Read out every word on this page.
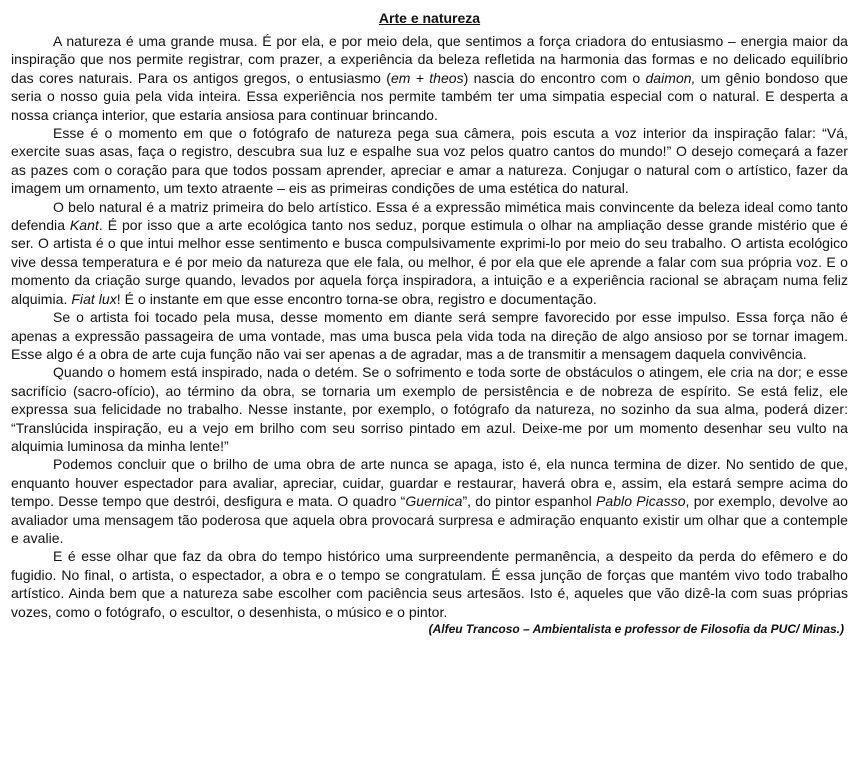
Arte e natureza

A natureza é uma grande musa. É por ela, e por meio dela, que sentimos a força criadora do entusiasmo – energia maior da inspiração que nos permite registrar, com prazer, a experiência da beleza refletida na harmonia das formas e no delicado equilíbrio das cores naturais. Para os antigos gregos, o entusiasmo (em + theos) nascia do encontro com o daimon, um gênio bondoso que seria o nosso guia pela vida inteira. Essa experiência nos permite também ter uma simpatia especial com o natural. E desperta a nossa criança interior, que estaria ansiosa para continuar brincando.

Esse é o momento em que o fotógrafo de natureza pega sua câmera, pois escuta a voz interior da inspiração falar: “Vá, exercite suas asas, faça o registro, descubra sua luz e espalhe sua voz pelos quatro cantos do mundo!” O desejo começará a fazer as pazes com o coração para que todos possam aprender, apreciar e amar a natureza. Conjugar o natural com o artístico, fazer da imagem um ornamento, um texto atraente – eis as primeiras condições de uma estética do natural.

O belo natural é a matriz primeira do belo artístico. Essa é a expressão mimética mais convincente da beleza ideal como tanto defendia Kant. É por isso que a arte ecológica tanto nos seduz, porque estimula o olhar na ampliação desse grande mistério que é ser. O artista é o que intui melhor esse sentimento e busca compulsivamente exprimi-lo por meio do seu trabalho. O artista ecológico vive dessa temperatura e é por meio da natureza que ele fala, ou melhor, é por ela que ele aprende a falar com sua própria voz. E o momento da criação surge quando, levados por aquela força inspiradora, a intuição e a experiência racional se abraçam numa feliz alquimia. Fiat lux! É o instante em que esse encontro torna-se obra, registro e documentação.

Se o artista foi tocado pela musa, desse momento em diante será sempre favorecido por esse impulso. Essa força não é apenas a expressão passageira de uma vontade, mas uma busca pela vida toda na direção de algo ansioso por se tornar imagem. Esse algo é a obra de arte cuja função não vai ser apenas a de agradar, mas a de transmitir a mensagem daquela convivência.

Quando o homem está inspirado, nada o detém. Se o sofrimento e toda sorte de obstáculos o atingem, ele cria na dor; e esse sacrifício (sacro-ofício), ao término da obra, se tornaria um exemplo de persistência e de nobreza de espírito. Se está feliz, ele expressa sua felicidade no trabalho. Nesse instante, por exemplo, o fotógrafo da natureza, no sozinho da sua alma, poderá dizer: “Translúcida inspiração, eu a vejo em brilho com seu sorriso pintado em azul. Deixe-me por um momento desenhar seu vulto na alquimia luminosa da minha lente!”

Podemos concluir que o brilho de uma obra de arte nunca se apaga, isto é, ela nunca termina de dizer. No sentido de que, enquanto houver espectador para avaliar, apreciar, cuidar, guardar e restaurar, haverá obra e, assim, ela estará sempre acima do tempo. Desse tempo que destrói, desfigura e mata. O quadro “Guernica”, do pintor espanhol Pablo Picasso, por exemplo, devolve ao avaliador uma mensagem tão poderosa que aquela obra provocará surpresa e admiração enquanto existir um olhar que a contemple e avalie.

E é esse olhar que faz da obra do tempo histórico uma surpreendente permanência, a despeito da perda do efêmero e do fugidio. No final, o artista, o espectador, a obra e o tempo se congratulam. É essa junção de forças que mantém vivo todo trabalho artístico. Ainda bem que a natureza sabe escolher com paciência seus artesãos. Isto é, aqueles que vão dizê-la com suas próprias vozes, como o fotógrafo, o escultor, o desenhista, o músico e o pintor.

(Alfeu Trancoso – Ambientalista e professor de Filosofia da PUC/ Minas.)
